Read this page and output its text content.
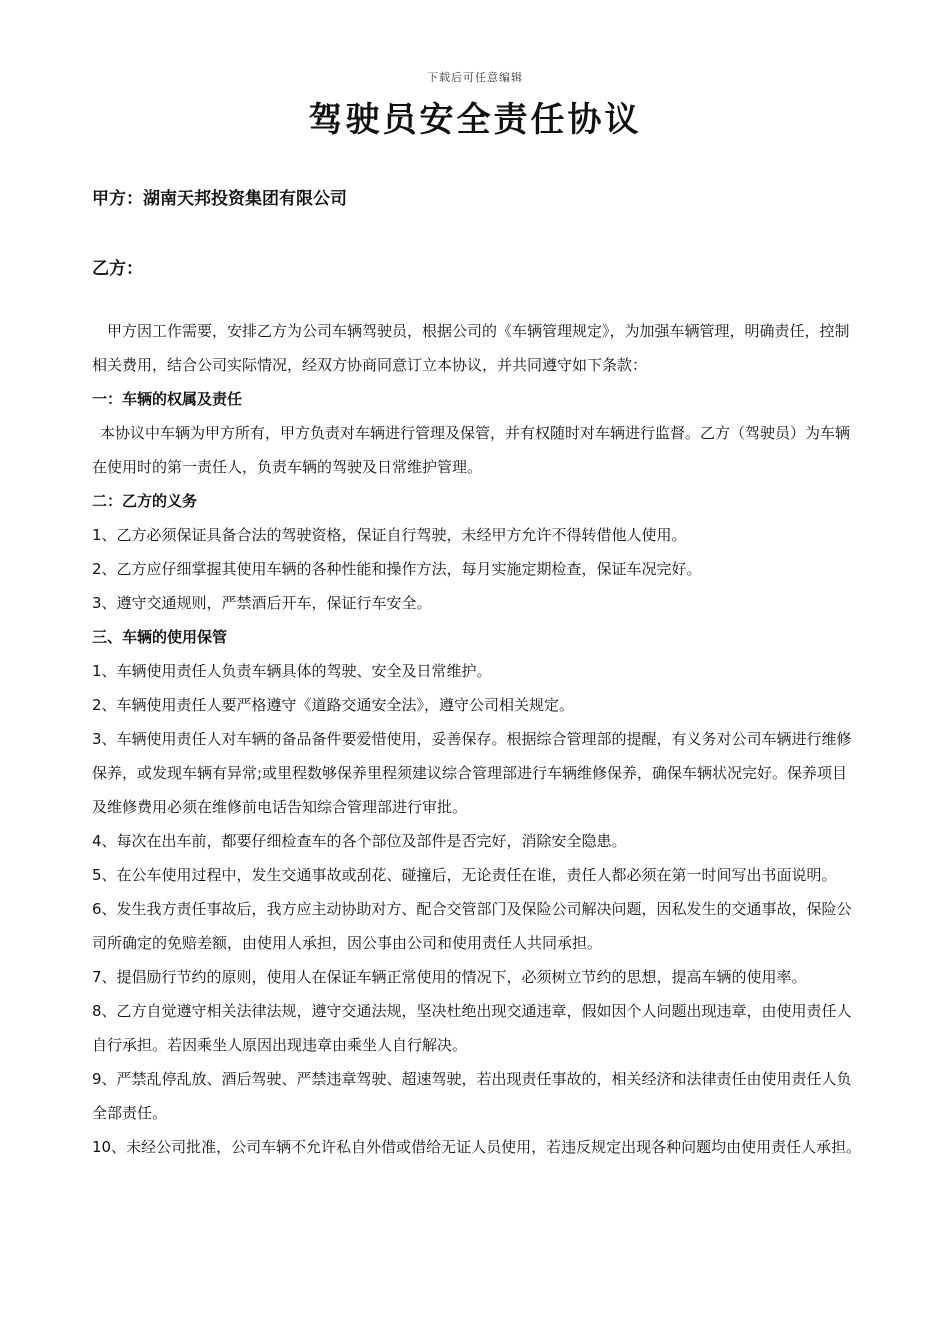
下载后可任意编辑
驾驶员安全责任协议

甲方：湖南天邦投资集团有限公司

乙方：

甲方因工作需要，安排乙方为公司车辆驾驶员，根据公司的《车辆管理规定》，为加强车辆管理，明确责任，控制相关费用，结合公司实际情况，经双方协商同意订立本协议，并共同遵守如下条款：

一：车辆的权属及责任

本协议中车辆为甲方所有，甲方负责对车辆进行管理及保管，并有权随时对车辆进行监督。乙方（驾驶员）为车辆在使用时的第一责任人，负责车辆的驾驶及日常维护管理。

二：乙方的义务

1、乙方必须保证具备合法的驾驶资格，保证自行驾驶，未经甲方允许不得转借他人使用。

2、乙方应仔细掌握其使用车辆的各种性能和操作方法，每月实施定期检查，保证车况完好。

3、遵守交通规则，严禁酒后开车，保证行车安全。

三、车辆的使用保管

1、车辆使用责任人负责车辆具体的驾驶、安全及日常维护。

2、车辆使用责任人要严格遵守《道路交通安全法》，遵守公司相关规定。

3、车辆使用责任人对车辆的备品备件要爱惜使用，妥善保存。根据综合管理部的提醒，有义务对公司车辆进行维修保养，或发现车辆有异常;或里程数够保养里程须建议综合管理部进行车辆维修保养，确保车辆状况完好。保养项目及维修费用必须在维修前电话告知综合管理部进行审批。

4、每次在出车前，都要仔细检查车的各个部位及部件是否完好，消除安全隐患。

5、在公车使用过程中，发生交通事故或刮花、碰撞后，无论责任在谁，责任人都必须在第一时间写出书面说明。

6、发生我方责任事故后，我方应主动协助对方、配合交管部门及保险公司解决问题，因私发生的交通事故，保险公司所确定的免赔差额，由使用人承担，因公事由公司和使用责任人共同承担。

7、提倡励行节约的原则，使用人在保证车辆正常使用的情况下，必须树立节约的思想，提高车辆的使用率。

8、乙方自觉遵守相关法律法规，遵守交通法规，坚决杜绝出现交通违章，假如因个人问题出现违章，由使用责任人自行承担。若因乘坐人原因出现违章由乘坐人自行解决。

9、严禁乱停乱放、酒后驾驶、严禁违章驾驶、超速驾驶，若出现责任事故的，相关经济和法律责任由使用责任人负全部责任。

10、未经公司批准，公司车辆不允许私自外借或借给无证人员使用，若违反规定出现各种问题均由使用责任人承担。
